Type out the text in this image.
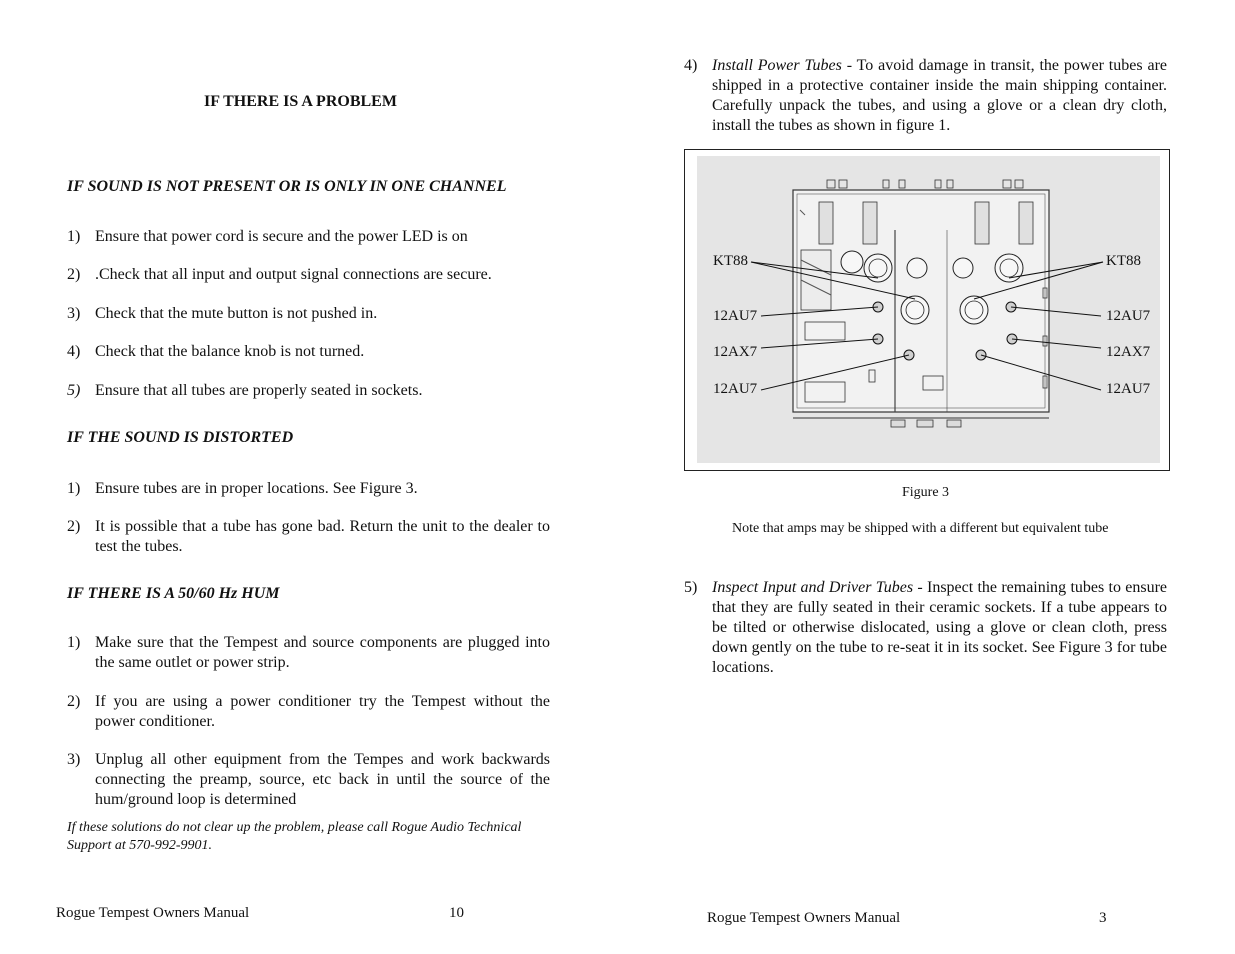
IF THERE IS A PROBLEM
IF SOUND IS NOT PRESENT OR IS ONLY IN ONE CHANNEL
1) Ensure that power cord is secure and the power LED is on
2) .Check that all input and output signal connections are secure.
3) Check that the mute button is not pushed in.
4) Check that the balance knob is not turned.
5) Ensure that all tubes are properly seated in sockets.
IF THE SOUND IS DISTORTED
1) Ensure tubes are in proper locations. See Figure 3.
2) It is possible that a tube has gone bad. Return the unit to the dealer to test the tubes.
IF THERE IS A 50/60 Hz HUM
1) Make sure that the Tempest and source components are plugged into the same outlet or power strip.
2) If you are using a power conditioner try the Tempest without the power conditioner.
3) Unplug all other equipment from the Tempes and work backwards connecting the preamp, source, etc back in until the source of the hum/ground loop is determined
If these solutions do not clear up the problem, please call Rogue Audio Technical Support at 570-992-9901.
Rogue Tempest Owners Manual	10
4) Install Power Tubes - To avoid damage in transit, the power tubes are shipped in a protective container inside the main shipping container. Carefully unpack the tubes, and using a glove or a clean dry cloth, install the tubes as shown in figure 1.
KT88
12AU7
12AX7
12AU7
KT88
12AU7
12AX7
12AU7
Figure 3
Note that amps may be shipped with a different but equivalent tube
5) Inspect Input and Driver Tubes - Inspect the remaining tubes to ensure that they are fully seated in their ceramic sockets. If a tube appears to be tilted or otherwise dislocated, using a glove or clean cloth, press down gently on the tube to re-seat it in its socket. See Figure 3 for tube locations.
Rogue Tempest Owners Manual	3
